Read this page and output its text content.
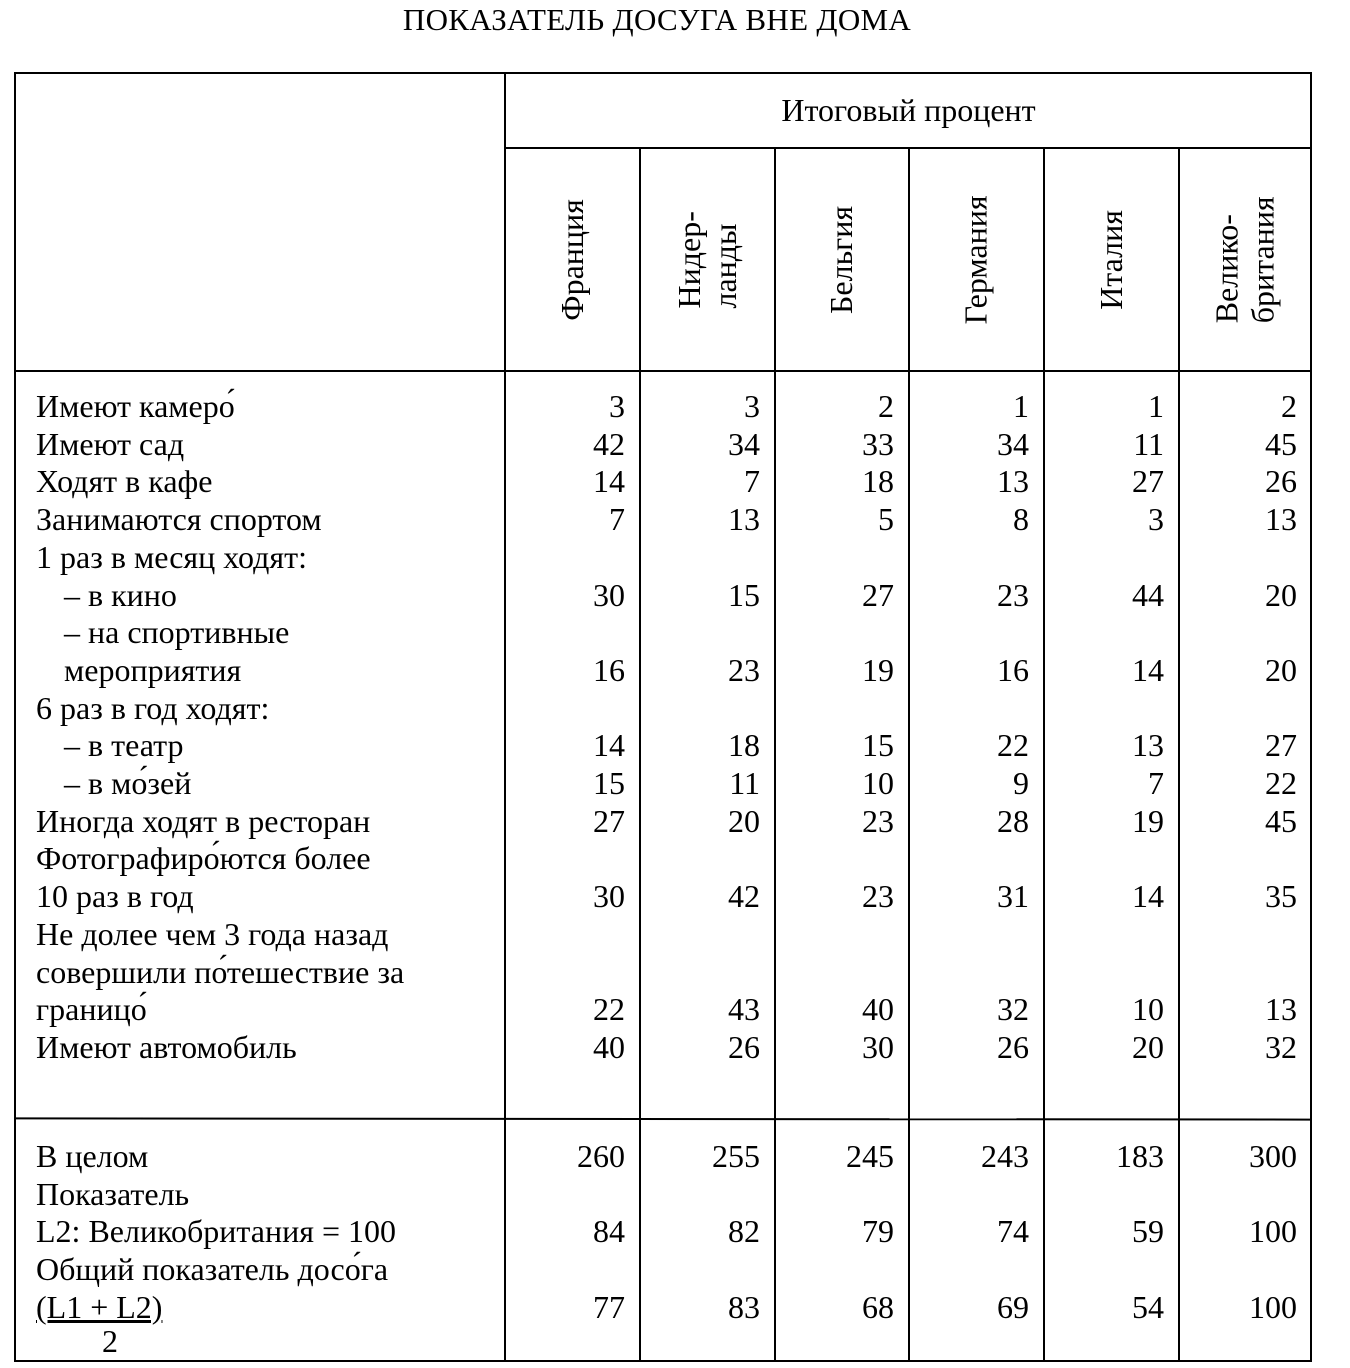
ПОКАЗАТЕЛЬ ДОСУГА ВНЕ ДОМА
Итоговый процент
Франция	Нидер- ланды	Бельгия	Германия	Италия	Велико- британия
Имеют камеро́	3	3	2	1	1	2
Имеют сад	42	34	33	34	11	45
Ходят в кафе	14	7	18	13	27	26
Занимаются спортом	7	13	5	8	3	13
1 раз в месяц ходят:
– в кино	30	15	27	23	44	20
– на спортивные
мероприятия	16	23	19	16	14	20
6 раз в год ходят:
– в театр	14	18	15	22	13	27
– в мо́зей	15	11	10	9	7	22
Иногда ходят в ресторан	27	20	23	28	19	45
Фотографиро́ются более
10 раз в год	30	42	23	31	14	35
Не долее чем 3 года назад
совершили по́тешествие за
границо́	22	43	40	32	10	13
Имеют автомобиль	40	26	30	26	20	32
В целом	260	255	245	243	183	300
Показатель
L2: Великобритания = 100	84	82	79	74	59	100
Общий показатель досо́га
(L1 + L2)	77	83	68	69	54	100
2
